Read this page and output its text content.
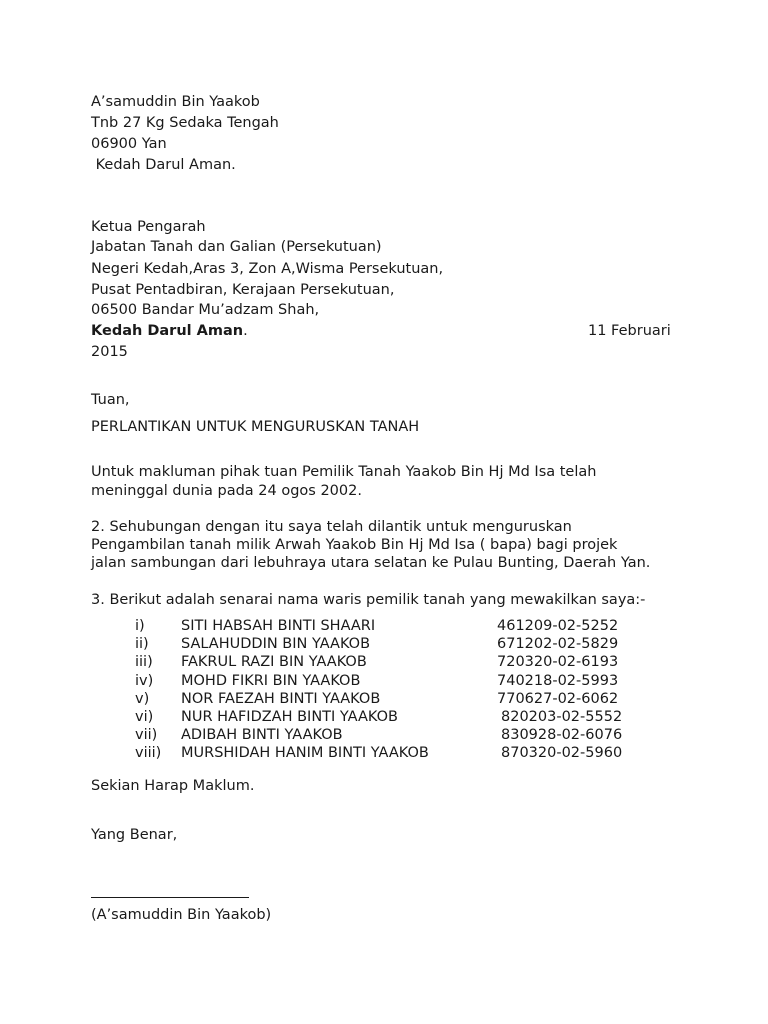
A’samuddin Bin Yaakob
Tnb 27 Kg Sedaka Tengah
06900 Yan
Kedah Darul Aman.
Ketua Pengarah
Jabatan Tanah dan Galian (Persekutuan)
Negeri Kedah,Aras 3, Zon A,Wisma Persekutuan,
Pusat Pentadbiran, Kerajaan Persekutuan,
06500 Bandar Mu’adzam Shah,
Kedah Darul Aman.	11 Februari
2015
Tuan,
PERLANTIKAN UNTUK MENGURUSKAN TANAH
Untuk makluman pihak tuan Pemilik Tanah Yaakob Bin Hj Md Isa telah
meninggal dunia pada 24 ogos 2002.
2. Sehubungan dengan itu saya telah dilantik untuk menguruskan
Pengambilan tanah milik Arwah Yaakob Bin Hj Md Isa ( bapa) bagi projek
jalan sambungan dari lebuhraya utara selatan ke Pulau Bunting, Daerah Yan.
3. Berikut adalah senarai nama waris pemilik tanah yang mewakilkan saya:-
i)	SITI HABSAH BINTI SHAARI	461209-02-5252
ii) SALAHUDDIN BIN YAAKOB	671202-02-5829
iii) FAKRUL RAZI BIN YAAKOB	720320-02-6193
iv) MOHD FIKRI BIN YAAKOB	740218-02-5993
v) NOR FAEZAH BINTI YAAKOB	770627-02-6062
vi) NUR HAFIDZAH BINTI YAAKOB	820203-02-5552
vii) ADIBAH BINTI YAAKOB	830928-02-6076
viii) MURSHIDAH HANIM BINTI YAAKOB	870320-02-5960
Sekian Harap Maklum.
Yang Benar,
(A’samuddin Bin Yaakob)
